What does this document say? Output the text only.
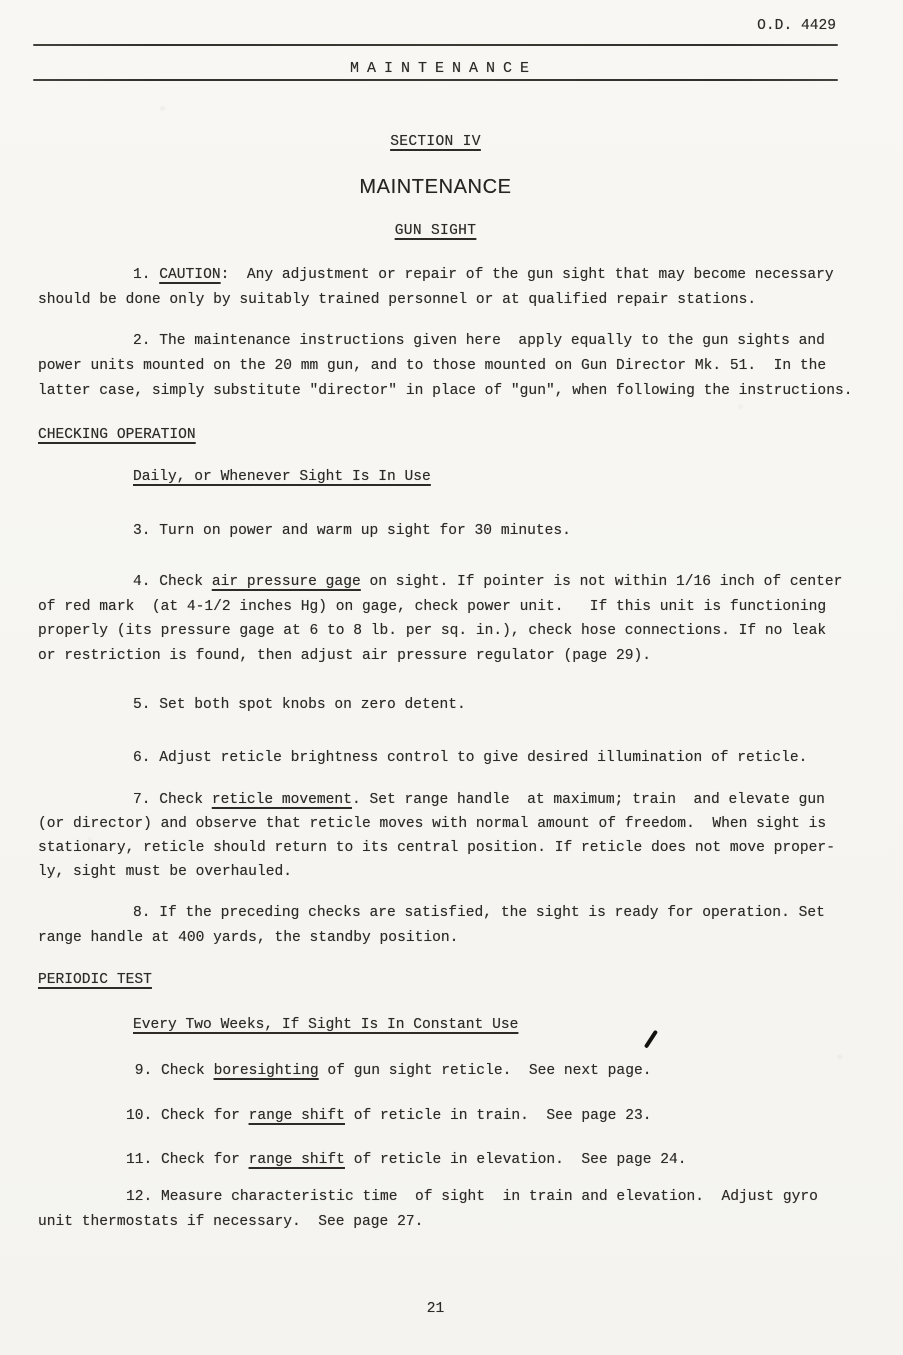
O.D. 4429
MAINTENANCE
SECTION IV
MAINTENANCE
GUN SIGHT
1. CAUTION:  Any adjustment or repair of the gun sight that may become necessary
should be done only by suitably trained personnel or at qualified repair stations.
2. The maintenance instructions given here  apply equally to the gun sights and
power units mounted on the 20 mm gun, and to those mounted on Gun Director Mk. 51.  In the
latter case, simply substitute "director" in place of "gun", when following the instructions.
CHECKING OPERATION
Daily, or Whenever Sight Is In Use
3. Turn on power and warm up sight for 30 minutes.
4. Check air pressure gage on sight. If pointer is not within 1/16 inch of center
of red mark  (at 4-1/2 inches Hg) on gage, check power unit.   If this unit is functioning
properly (its pressure gage at 6 to 8 lb. per sq. in.), check hose connections. If no leak
or restriction is found, then adjust air pressure regulator (page 29).
5. Set both spot knobs on zero detent.
6. Adjust reticle brightness control to give desired illumination of reticle.
7. Check reticle movement. Set range handle  at maximum; train  and elevate gun
(or director) and observe that reticle moves with normal amount of freedom.  When sight is
stationary, reticle should return to its central position. If reticle does not move proper-
ly, sight must be overhauled.
8. If the preceding checks are satisfied, the sight is ready for operation. Set
range handle at 400 yards, the standby position.
PERIODIC TEST
Every Two Weeks, If Sight Is In Constant Use
9. Check boresighting of gun sight reticle.  See next page.
10. Check for range shift of reticle in train.  See page 23.
11. Check for range shift of reticle in elevation.  See page 24.
12. Measure characteristic time  of sight  in train and elevation.  Adjust gyro
unit thermostats if necessary.  See page 27.
21
